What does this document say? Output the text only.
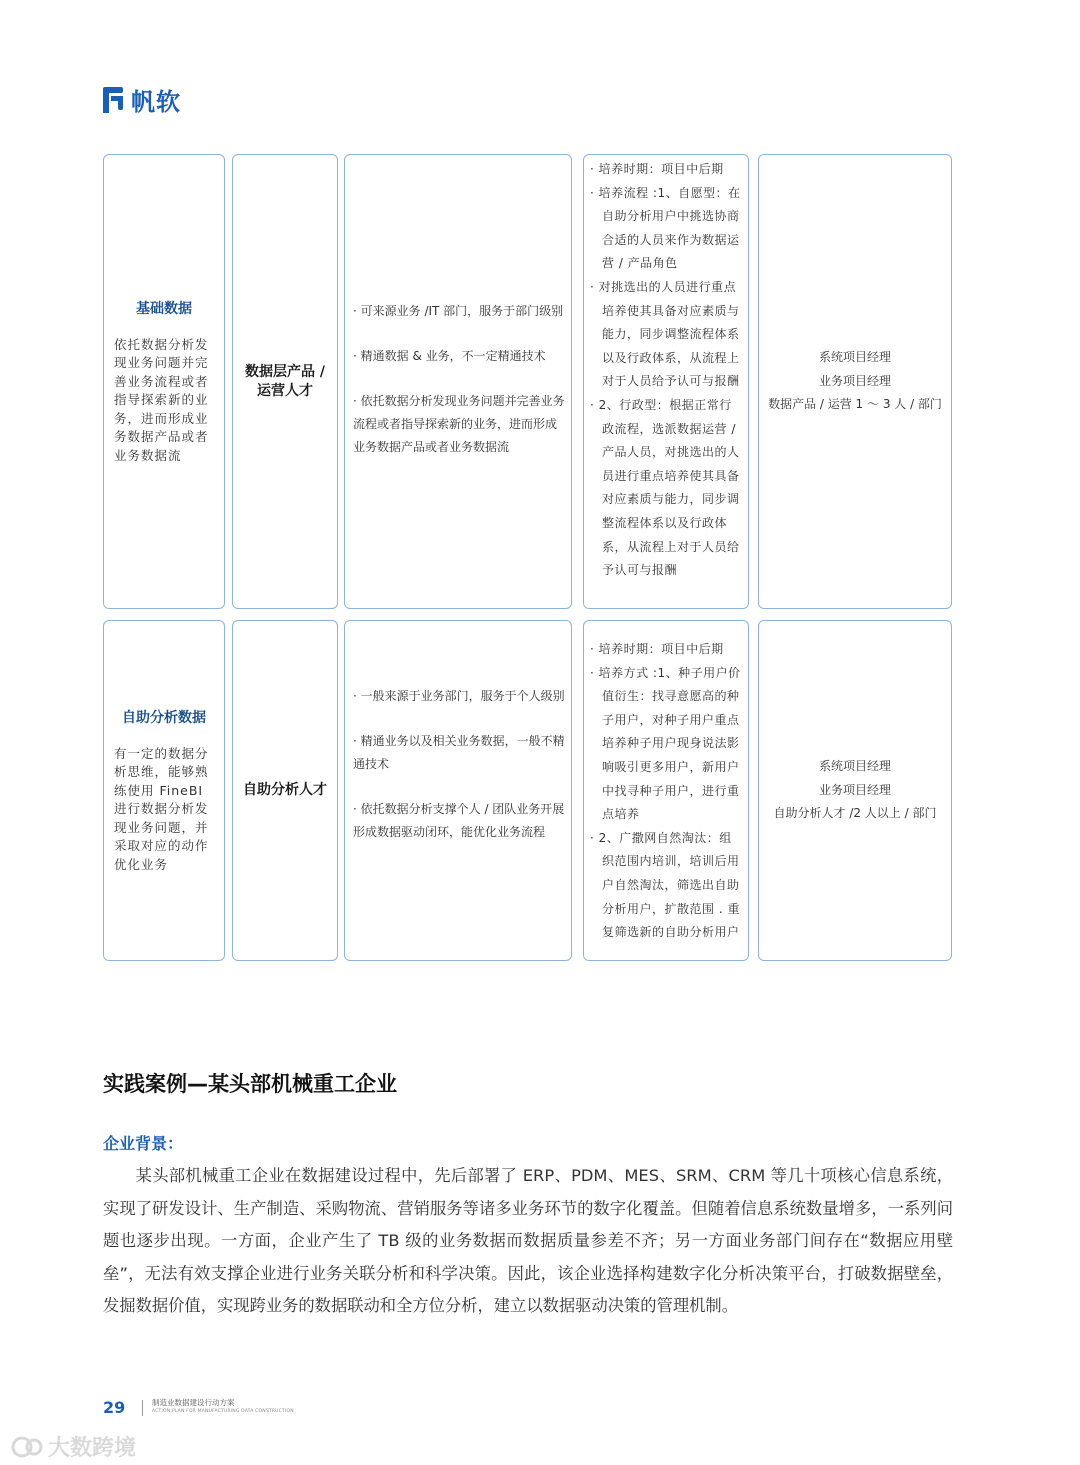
帆软
基础数据
依托数据分析发现业务问题并完善业务流程或者指导探索新的业务，进而形成业务数据产品或者业务数据流
数据层产品 / 运营人才

· 可来源业务 /IT 部门，服务于部门级别

· 精通数据 & 业务，不一定精通技术

· 依托数据分析发现业务问题并完善业务流程或者指导探索新的业务，进而形成业务数据产品或者业务数据流

· 培养时期：项目中后期

· 培养流程 :1、自愿型：在自助分析用户中挑选协商合适的人员来作为数据运营 / 产品角色

· 对挑选出的人员进行重点培养使其具备对应素质与能力，同步调整流程体系以及行政体系，从流程上对于人员给予认可与报酬

· 2、行政型：根据正常行政流程，选派数据运营 / 产品人员，对挑选出的人员进行重点培养使其具备对应素质与能力，同步调整流程体系以及行政体系，从流程上对于人员给予认可与报酬

系统项目经理
业务项目经理
数据产品 / 运营 1 ～ 3 人 / 部门
自助分析数据
有一定的数据分析思维，能够熟练使用 FineBI 进行数据分析发现业务问题，并采取对应的动作优化业务
自助分析人才

· 一般来源于业务部门，服务于个人级别

· 精通业务以及相关业务数据，一般不精通技术

· 依托数据分析支撑个人 / 团队业务开展形成数据驱动闭环，能优化业务流程

· 培养时期：项目中后期

· 培养方式 :1、种子用户价值衍生：找寻意愿高的种子用户，对种子用户重点培养种子用户现身说法影响吸引更多用户，新用户中找寻种子用户，进行重点培养

· 2、广撒网自然淘汰：组织范围内培训，培训后用户自然淘汰，筛选出自助分析用户，扩散范围 . 重复筛选新的自助分析用户

系统项目经理
业务项目经理
自助分析人才 /2 人以上 / 部门
实践案例—某头部机械重工企业
企业背景：
某头部机械重工企业在数据建设过程中，先后部署了 ERP、PDM、MES、SRM、CRM 等几十项核心信息系统，实现了研发设计、生产制造、采购物流、营销服务等诸多业务环节的数字化覆盖。但随着信息系统数量增多，一系列问题也逐步出现。一方面，企业产生了 TB 级的业务数据而数据质量参差不齐；另一方面业务部门间存在“数据应用壁垒”，无法有效支撑企业进行业务关联分析和科学决策。因此，该企业选择构建数字化分析决策平台，打破数据壁垒，发掘数据价值，实现跨业务的数据联动和全方位分析，建立以数据驱动决策的管理机制。
29	制造业数据建设行动方案
ACTION PLAN FOR MANUFACTURING DATA CONSTRUCTION
大数跨境
